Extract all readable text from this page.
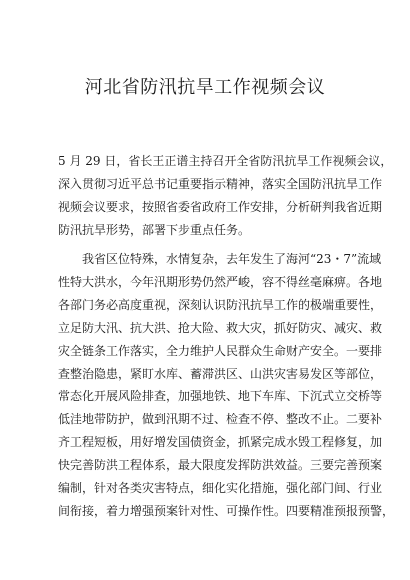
河北省防汛抗旱工作视频会议

5 月 29 日，省长王正谱主持召开全省防汛抗旱工作视频会议，
深入贯彻习近平总书记重要指示精神，落实全国防汛抗旱工作
视频会议要求，按照省委省政府工作安排，分析研判我省近期
防汛抗旱形势，部署下步重点任务。

　　我省区位特殊，水情复杂，去年发生了海河“23・7”流域
性特大洪水，今年汛期形势仍然严峻，容不得丝毫麻痹。各地
各部门务必高度重视，深刻认识防汛抗旱工作的极端重要性，
立足防大汛、抗大洪、抢大险、救大灾，抓好防灾、减灾、救
灾全链条工作落实，全力维护人民群众生命财产安全。一要排
查整治隐患，紧盯水库、蓄滞洪区、山洪灾害易发区等部位，
常态化开展风险排查，加强地铁、地下车库、下沉式立交桥等
低洼地带防护，做到汛期不过、检查不停、整改不止。二要补
齐工程短板，用好增发国债资金，抓紧完成水毁工程修复，加
快完善防洪工程体系，最大限度发挥防洪效益。三要完善预案
编制，针对各类灾害特点，细化实化措施，强化部门间、行业
间衔接，着力增强预案针对性、可操作性。四要精准预报预警，
